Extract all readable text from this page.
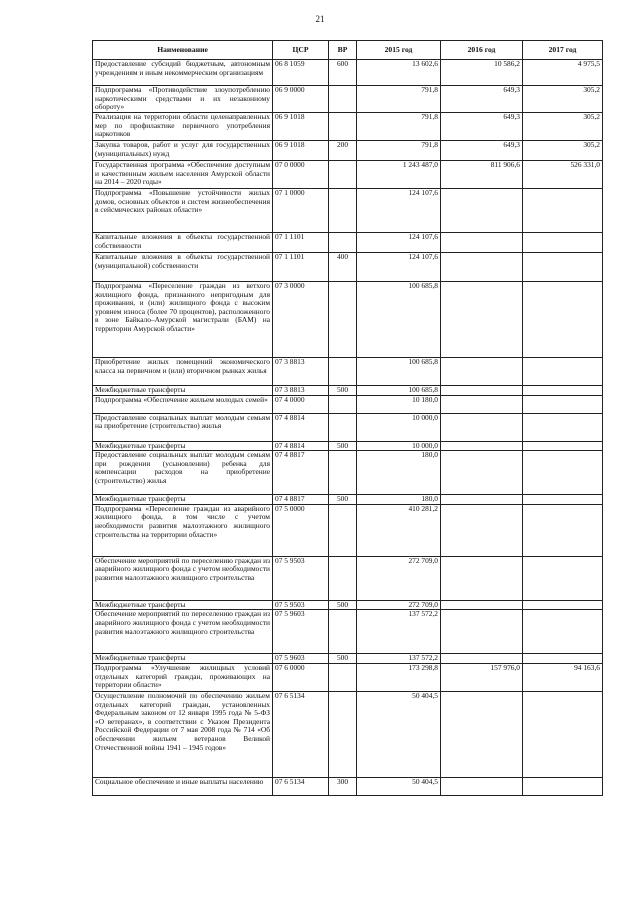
21
Наименование	ЦСР	ВР	2015 год	2016 год	2017 год
Предоставление субсидий бюджетным, автономным учреждениям и иным некоммерческим организациям	06 8 1059	600	13 602,6	10 586,2	4 975,5
Подпрограмма «Противодействие злоупотреблению наркотическими средствами и их незаконному обороту»	06 9 0000		791,8	649,3	305,2
Реализация на территории области целенаправленных мер по профилактике первичного употребления наркотиков	06 9 1018		791,8	649,3	305,2
Закупка товаров, работ и услуг для государственных (муниципальных) нужд	06 9 1018	200	791,8	649,3	305,2
Государственная программа «Обеспечение доступным и качественным жильем населения Амурской области на 2014 – 2020 годы»	07 0 0000		1 243 487,0	811 906,6	526 331,0
Подпрограмма «Повышение устойчивости жилых домов, основных объектов и систем жизнеобеспечения в сейсмических районах области»	07 1 0000		124 107,6		
Капитальные вложения в объекты государственной собственности	07 1 1101		124 107,6		
Капитальные вложения в объекты государственной (муниципальной) собственности	07 1 1101	400	124 107,6		
Подпрограмма «Переселение граждан из ветхого жилищного фонда, признанного непригодным для проживания, и (или) жилищного фонда с высоким уровнем износа (более 70 процентов), расположенного в зоне Байкало–Амурской магистрали (БАМ) на территории Амурской области»	07 3 0000		100 685,8		
Приобретение жилых помещений экономического класса на первичном и (или) вторичном рынках жилья	07 3 8813		100 685,8		
Межбюджетные трансферты	07 3 8813	500	100 685,8		
Подпрограмма «Обеспечение жильем молодых семей»	07 4 0000		10 180,0		
Предоставление социальных выплат молодым семьям на приобретение (строительство) жилья	07 4 8814		10 000,0		
Межбюджетные трансферты	07 4 8814	500	10 000,0		
Предоставление социальных выплат молодым семьям при рождении (усыновлении) ребенка для компенсации расходов на приобретение (строительство) жилья	07 4 8817		180,0		
Межбюджетные трансферты	07 4 8817	500	180,0		
Подпрограмма «Переселение граждан из аварийного жилищного фонда, в том числе с учетом необходимости развития малоэтажного жилищного строительства на территории области»	07 5 0000		410 281,2		
Обеспечение мероприятий по переселению граждан из аварийного жилищного фонда с учетом необходимости развития малоэтажного жилищного строительства	07 5 9503		272 709,0		
Межбюджетные трансферты	07 5 9503	500	272 709,0		
Обеспечение мероприятий по переселению граждан из аварийного жилищного фонда с учетом необходимости развития малоэтажного жилищного строительства	07 5 9603		137 572,2		
Межбюджетные трансферты	07 5 9603	500	137 572,2		
Подпрограмма «Улучшение жилищных условий отдельных категорий граждан, проживающих на территории области»	07 6 0000		173 298,8	157 976,0	94 163,6
Осуществление полномочий по обеспечению жильем отдельных категорий граждан, установленных Федеральным законом от 12 января 1995 года № 5-ФЗ «О ветеранах», в соответствии с Указом Президента Российской Федерации от 7 мая 2008 года № 714 «Об обеспечении жильем ветеранов Великой Отечественной войны 1941 – 1945 годов»	07 6 5134		50 404,5		
Социальное обеспечение и иные выплаты населению	07 6 5134	300	50 404,5		
